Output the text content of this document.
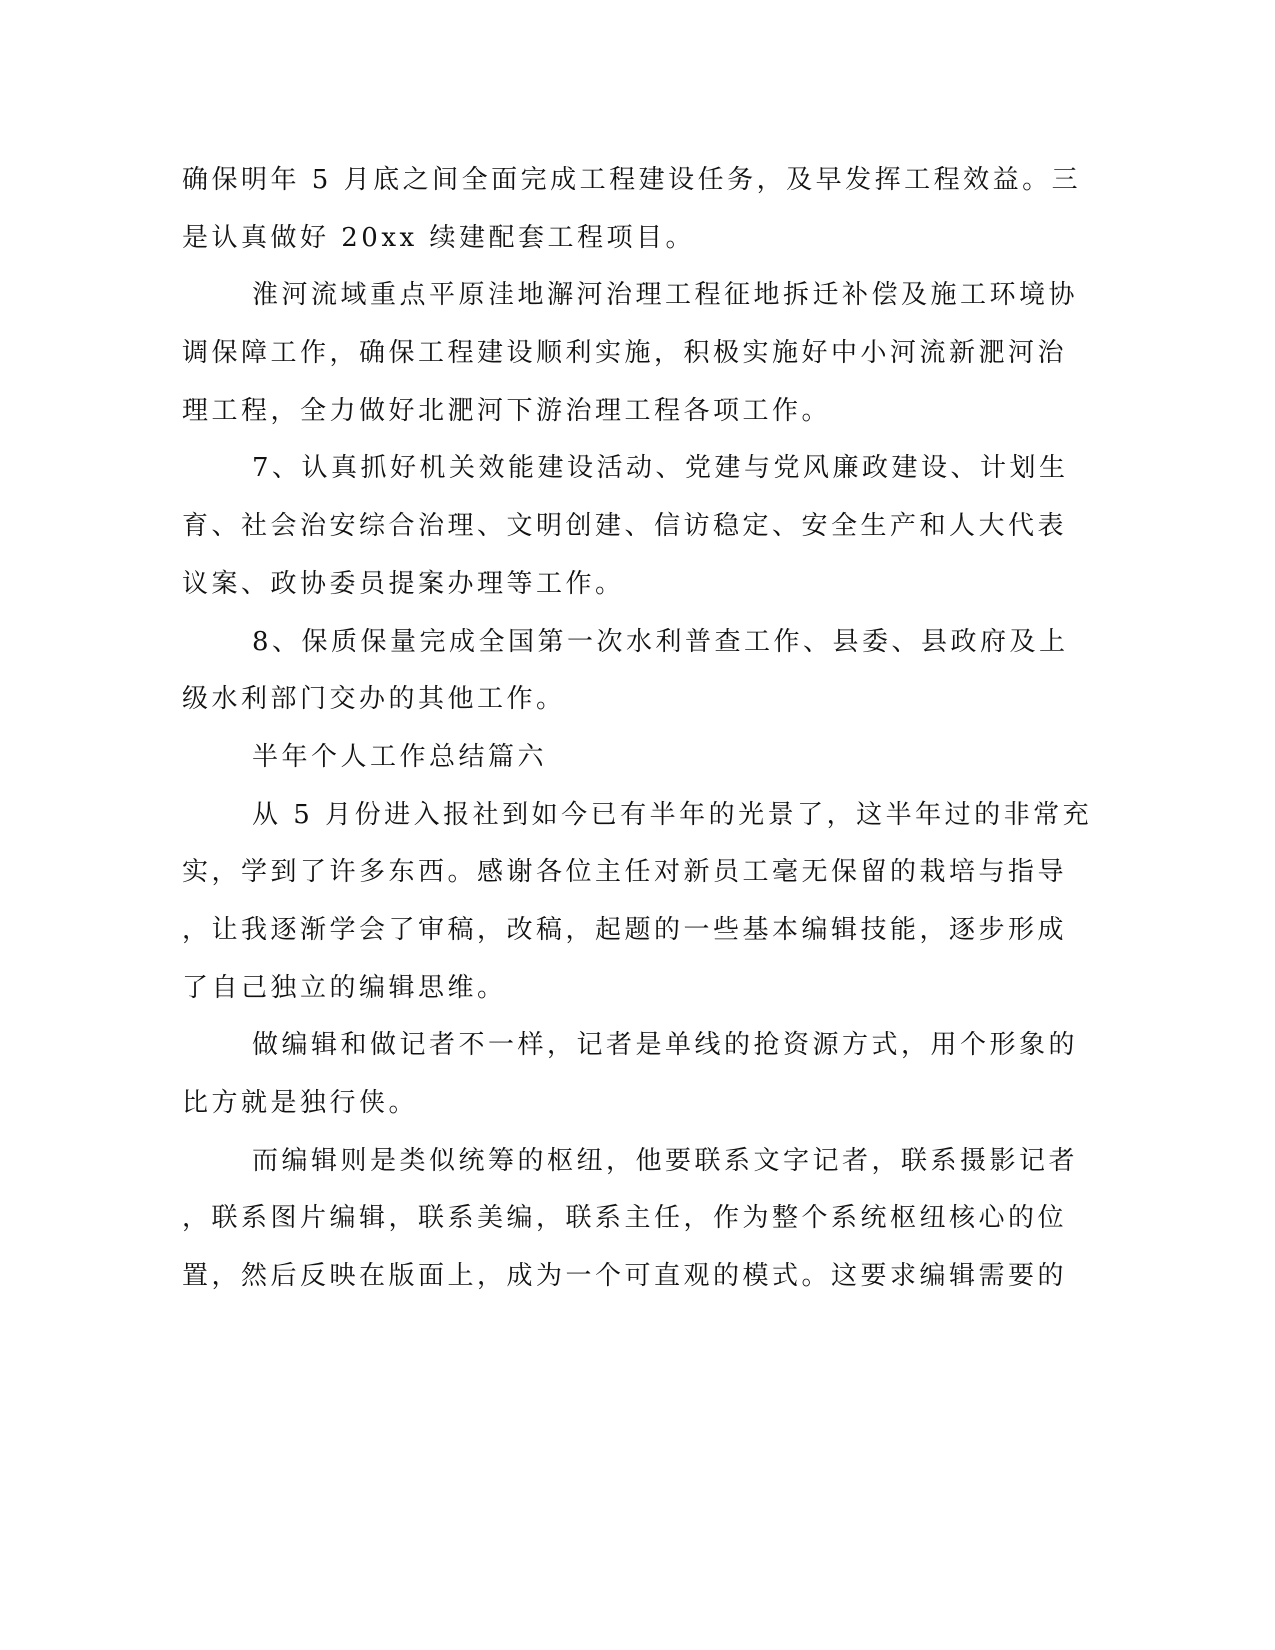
确保明年 5 月底之间全面完成工程建设任务，及早发挥工程效益。三
是认真做好 20xx 续建配套工程项目。
淮河流域重点平原洼地澥河治理工程征地拆迁补偿及施工环境协
调保障工作，确保工程建设顺利实施，积极实施好中小河流新淝河治
理工程，全力做好北淝河下游治理工程各项工作。
7、认真抓好机关效能建设活动、党建与党风廉政建设、计划生
育、社会治安综合治理、文明创建、信访稳定、安全生产和人大代表
议案、政协委员提案办理等工作。
8、保质保量完成全国第一次水利普查工作、县委、县政府及上
级水利部门交办的其他工作。
半年个人工作总结篇六
从 5 月份进入报社到如今已有半年的光景了，这半年过的非常充
实，学到了许多东西。感谢各位主任对新员工毫无保留的栽培与指导
，让我逐渐学会了审稿，改稿，起题的一些基本编辑技能，逐步形成
了自己独立的编辑思维。
做编辑和做记者不一样，记者是单线的抢资源方式，用个形象的
比方就是独行侠。
而编辑则是类似统筹的枢纽，他要联系文字记者，联系摄影记者
，联系图片编辑，联系美编，联系主任，作为整个系统枢纽核心的位
置，然后反映在版面上，成为一个可直观的模式。这要求编辑需要的
